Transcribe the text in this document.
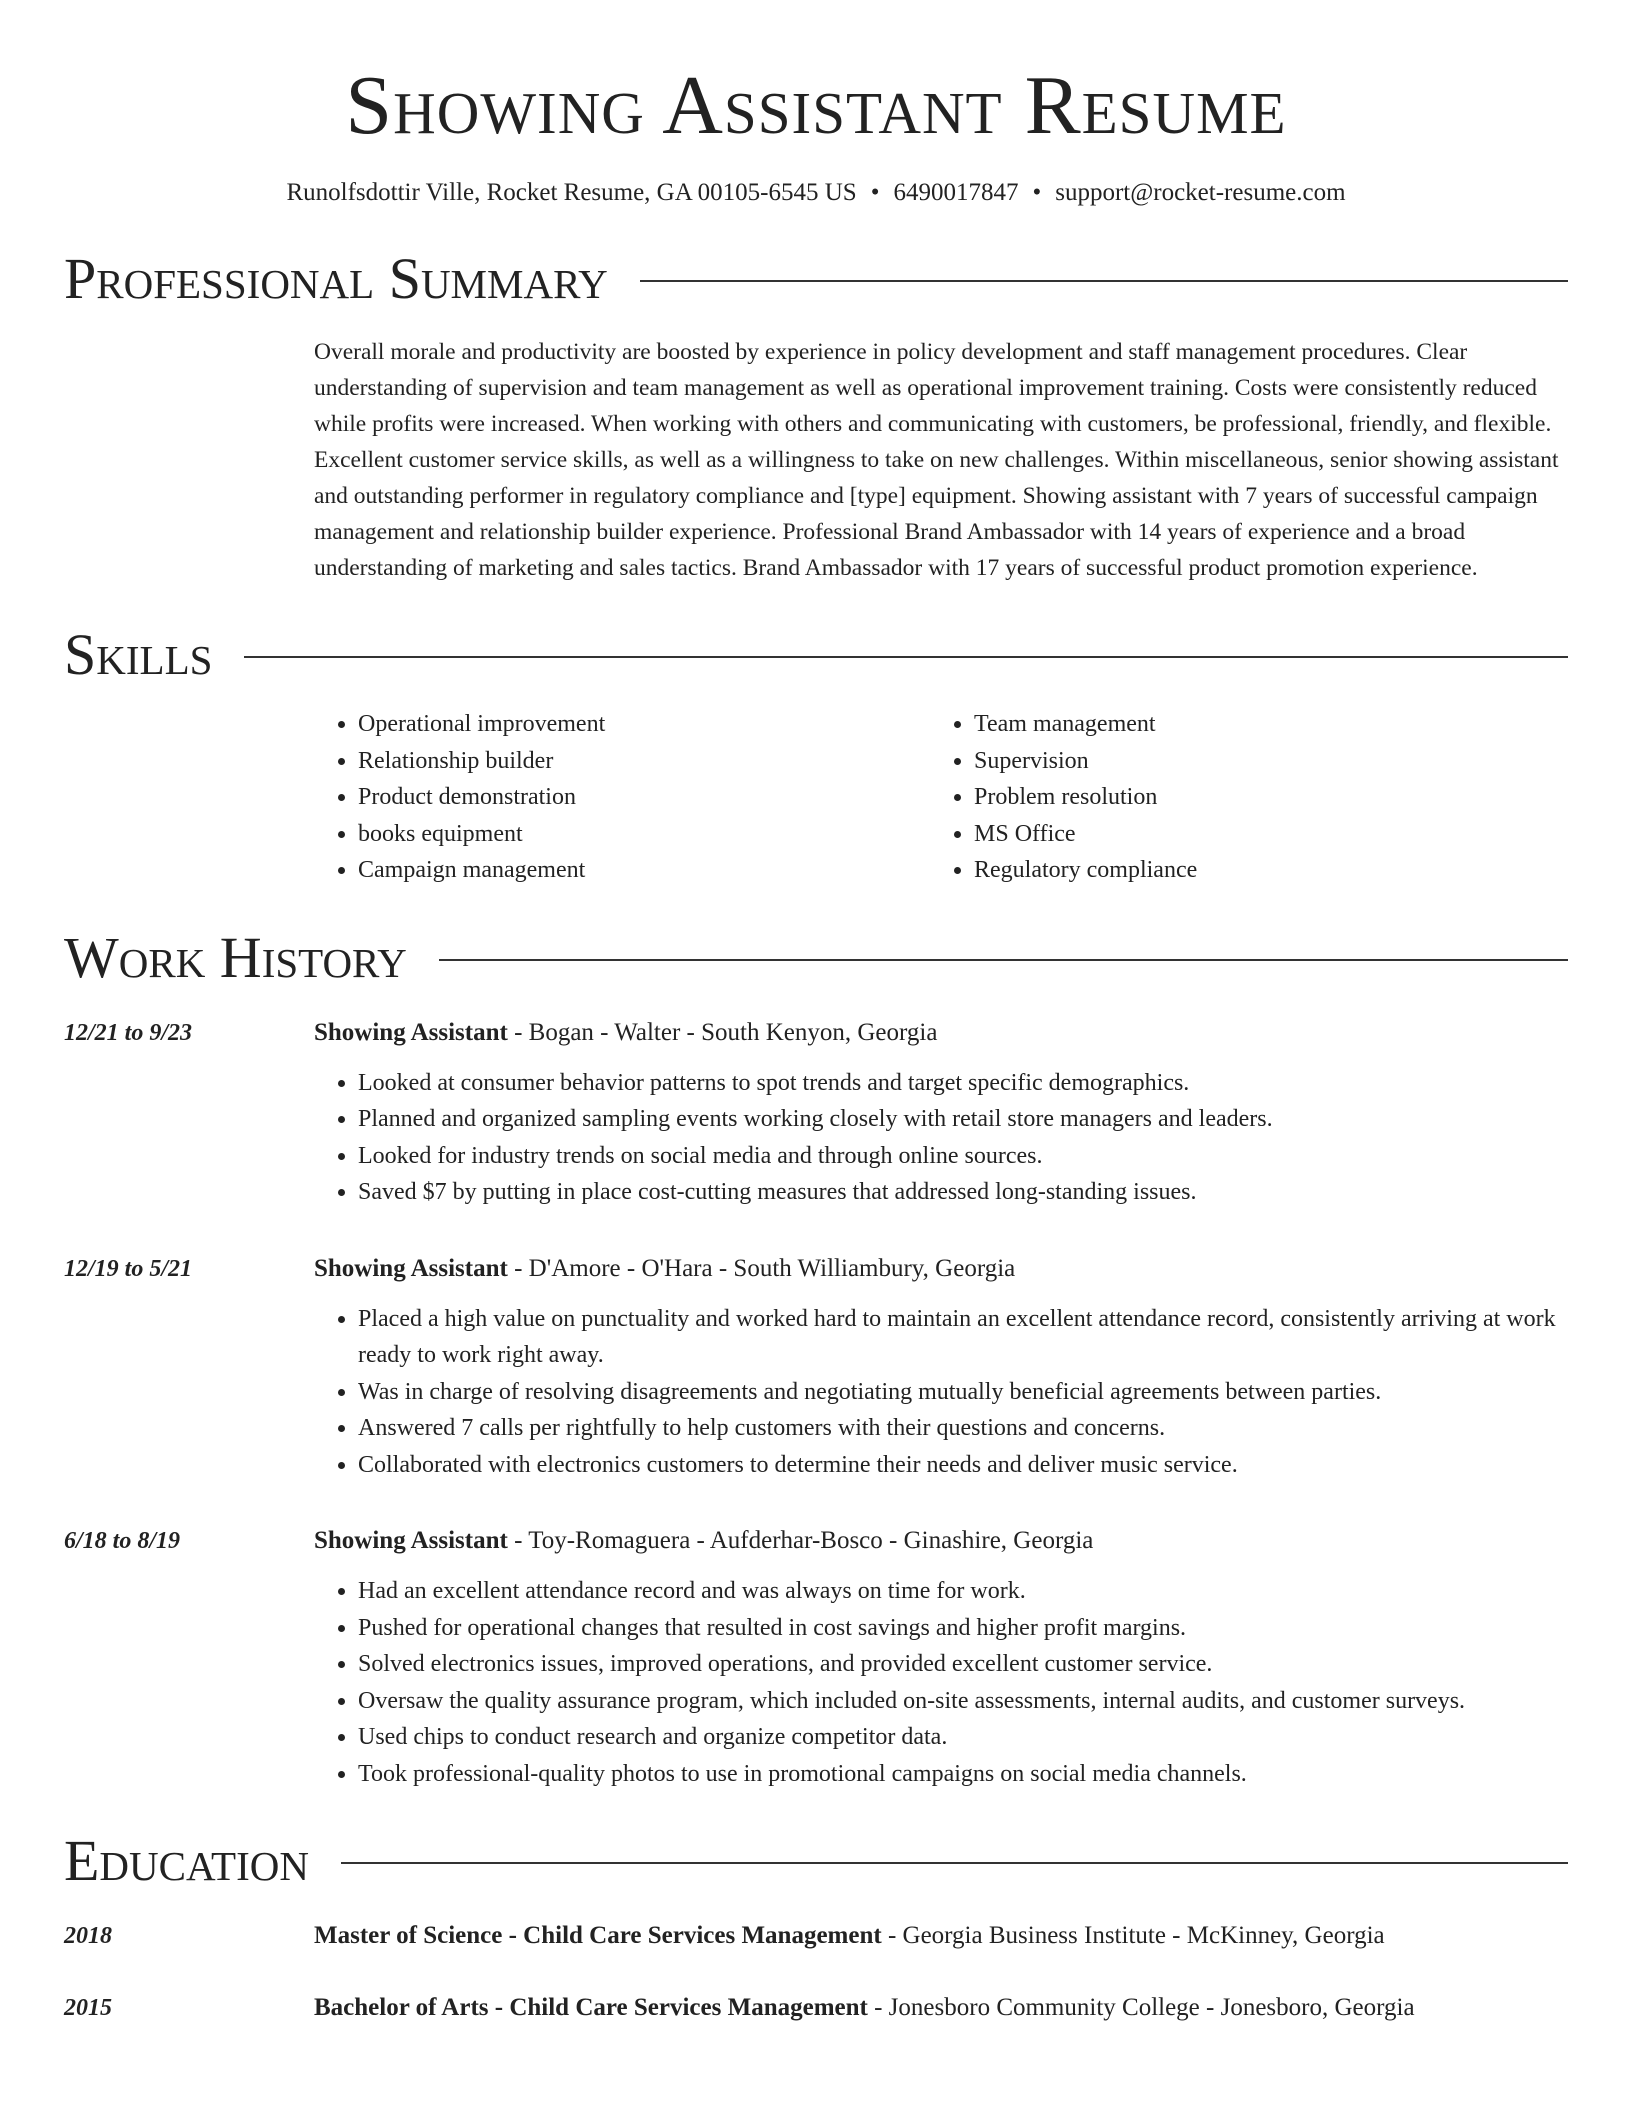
Showing Assistant Resume
Runolfsdottir Ville, Rocket Resume, GA 00105-6545 US • 6490017847 • support@rocket-resume.com
Professional Summary

Overall morale and productivity are boosted by experience in policy development and staff management procedures. Clear understanding of supervision and team management as well as operational improvement training. Costs were consistently reduced while profits were increased. When working with others and communicating with customers, be professional, friendly, and flexible. Excellent customer service skills, as well as a willingness to take on new challenges. Within miscellaneous, senior showing assistant and outstanding performer in regulatory compliance and [type] equipment. Showing assistant with 7 years of successful campaign management and relationship builder experience. Professional Brand Ambassador with 14 years of experience and a broad understanding of marketing and sales tactics. Brand Ambassador with 17 years of successful product promotion experience.

Skills
• Operational improvement
• Relationship builder
• Product demonstration
• books equipment
• Campaign management
• Team management
• Supervision
• Problem resolution
• MS Office
• Regulatory compliance
Work History
12/21 to 9/23	Showing Assistant - Bogan - Walter - South Kenyon, Georgia
• Looked at consumer behavior patterns to spot trends and target specific demographics.
• Planned and organized sampling events working closely with retail store managers and leaders.
• Looked for industry trends on social media and through online sources.
• Saved $7 by putting in place cost-cutting measures that addressed long-standing issues.
12/19 to 5/21	Showing Assistant - D'Amore - O'Hara - South Williambury, Georgia
• Placed a high value on punctuality and worked hard to maintain an excellent attendance record, consistently arriving at work ready to work right away.
• Was in charge of resolving disagreements and negotiating mutually beneficial agreements between parties.
• Answered 7 calls per rightfully to help customers with their questions and concerns.
• Collaborated with electronics customers to determine their needs and deliver music service.
6/18 to 8/19	Showing Assistant - Toy-Romaguera - Aufderhar-Bosco - Ginashire, Georgia
• Had an excellent attendance record and was always on time for work.
• Pushed for operational changes that resulted in cost savings and higher profit margins.
• Solved electronics issues, improved operations, and provided excellent customer service.
• Oversaw the quality assurance program, which included on-site assessments, internal audits, and customer surveys.
• Used chips to conduct research and organize competitor data.
• Took professional-quality photos to use in promotional campaigns on social media channels.
Education
2018	Master of Science - Child Care Services Management - Georgia Business Institute - McKinney, Georgia
2015	Bachelor of Arts - Child Care Services Management - Jonesboro Community College - Jonesboro, Georgia
